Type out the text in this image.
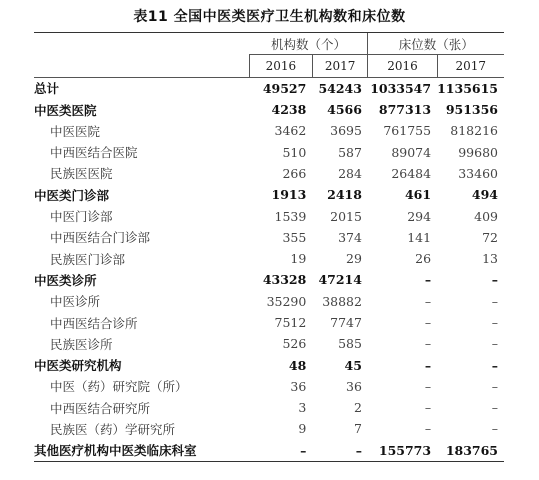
表11 全国中医类医疗卫生机构数和床位数
	机构数（个）		床位数（张）	
	2016	2017	2016	2017
总计	49527	54243	1033547	1135615
中医类医院	4238	4566	877313	951356
中医医院	3462	3695	761755	818216
中西医结合医院	510	587	89074	99680
民族医医院	266	284	26484	33460
中医类门诊部	1913	2418	461	494
中医门诊部	1539	2015	294	409
中西医结合门诊部	355	374	141	72
民族医门诊部	19	29	26	13
中医类诊所	43328	47214	–	–
中医诊所	35290	38882	–	–
中西医结合诊所	7512	7747	–	–
民族医诊所	526	585	–	–
中医类研究机构	48	45	–	–
中医（药）研究院（所）	36	36	–	–
中西医结合研究所	3	2	–	–
民族医（药）学研究所	9	7	–	–
其他医疗机构中医类临床科室	–	–	155773	183765
